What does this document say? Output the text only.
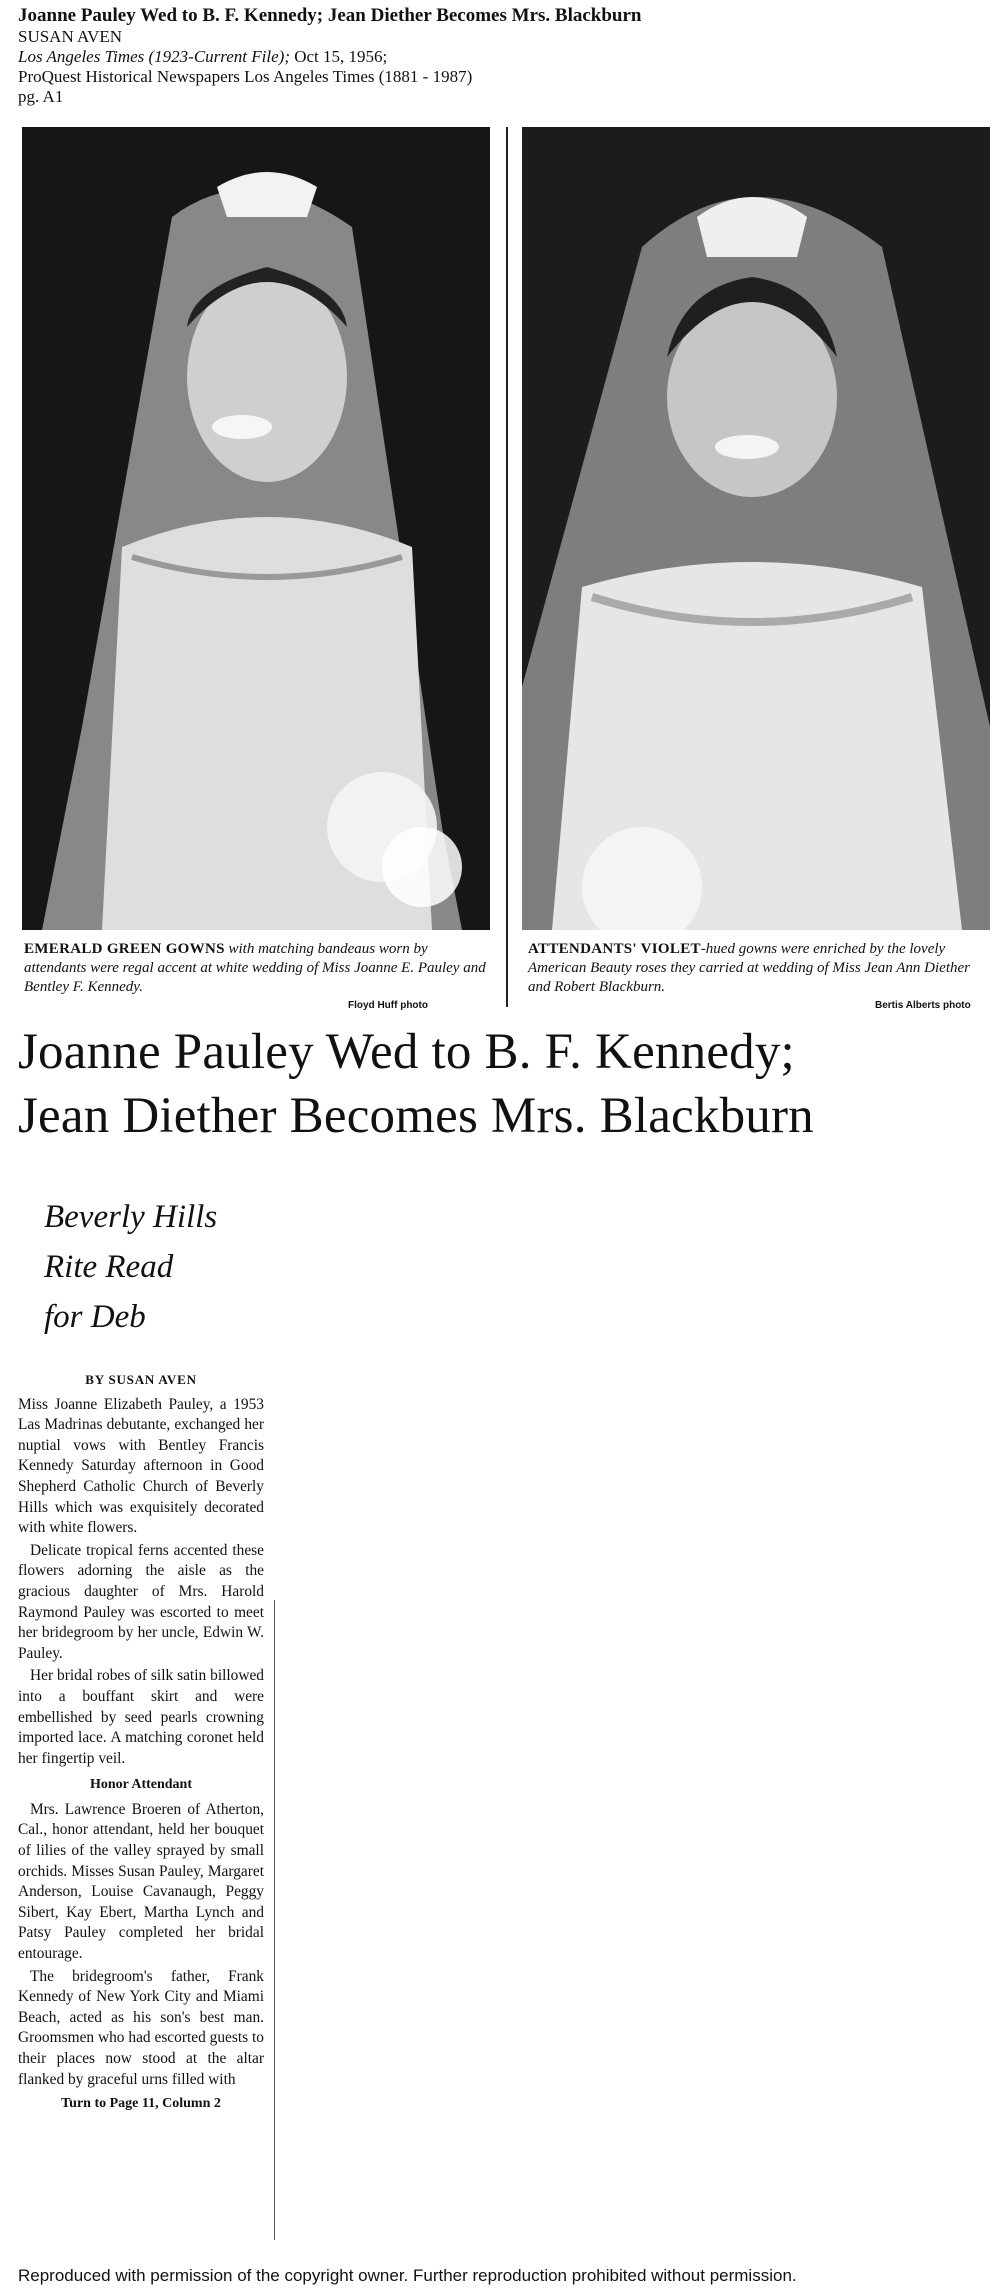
Joanne Pauley Wed to B. F. Kennedy; Jean Diether Becomes Mrs. Blackburn
SUSAN AVEN
Los Angeles Times (1923-Current File); Oct 15, 1956;
ProQuest Historical Newspapers Los Angeles Times (1881 - 1987)
pg. A1
EMERALD GREEN GOWNS with matching bandeaus worn by attendants were regal accent at white wedding of Miss Joanne E. Pauley and Bentley F. Kennedy.
Floyd Huff photo
ATTENDANTS' VIOLET-hued gowns were enriched by the lovely American Beauty roses they carried at wedding of Miss Jean Ann Diether and Robert Blackburn.
Bertis Alberts photo
Joanne Pauley Wed to B. F. Kennedy;
Jean Diether Becomes Mrs. Blackburn
Beverly Hills
Rite Read
for Deb
BY SUSAN AVEN

Miss Joanne Elizabeth Pauley, a 1953 Las Madrinas debutante, exchanged her nuptial vows with Bentley Francis Kennedy Saturday afternoon in Good Shepherd Catholic Church of Beverly Hills which was exquisitely decorated with white flowers.

Delicate tropical ferns accented these flowers adorning the aisle as the gracious daughter of Mrs. Harold Raymond Pauley was escorted to meet her bridegroom by her uncle, Edwin W. Pauley.

Her bridal robes of silk satin billowed into a bouffant skirt and were embellished by seed pearls crowning imported lace. A matching coronet held her fingertip veil.

Honor Attendant

Mrs. Lawrence Broeren of Atherton, Cal., honor attendant, held her bouquet of lilies of the valley sprayed by small orchids. Misses Susan Pauley, Margaret Anderson, Louise Cavanaugh, Peggy Sibert, Kay Ebert, Martha Lynch and Patsy Pauley completed her bridal entourage.

The bridegroom's father, Frank Kennedy of New York City and Miami Beach, acted as his son's best man. Groomsmen who had escorted guests to their places now stood at the altar flanked by graceful urns filled with

Turn to Page 11, Column 2
Reproduced with permission of the copyright owner. Further reproduction prohibited without permission.
